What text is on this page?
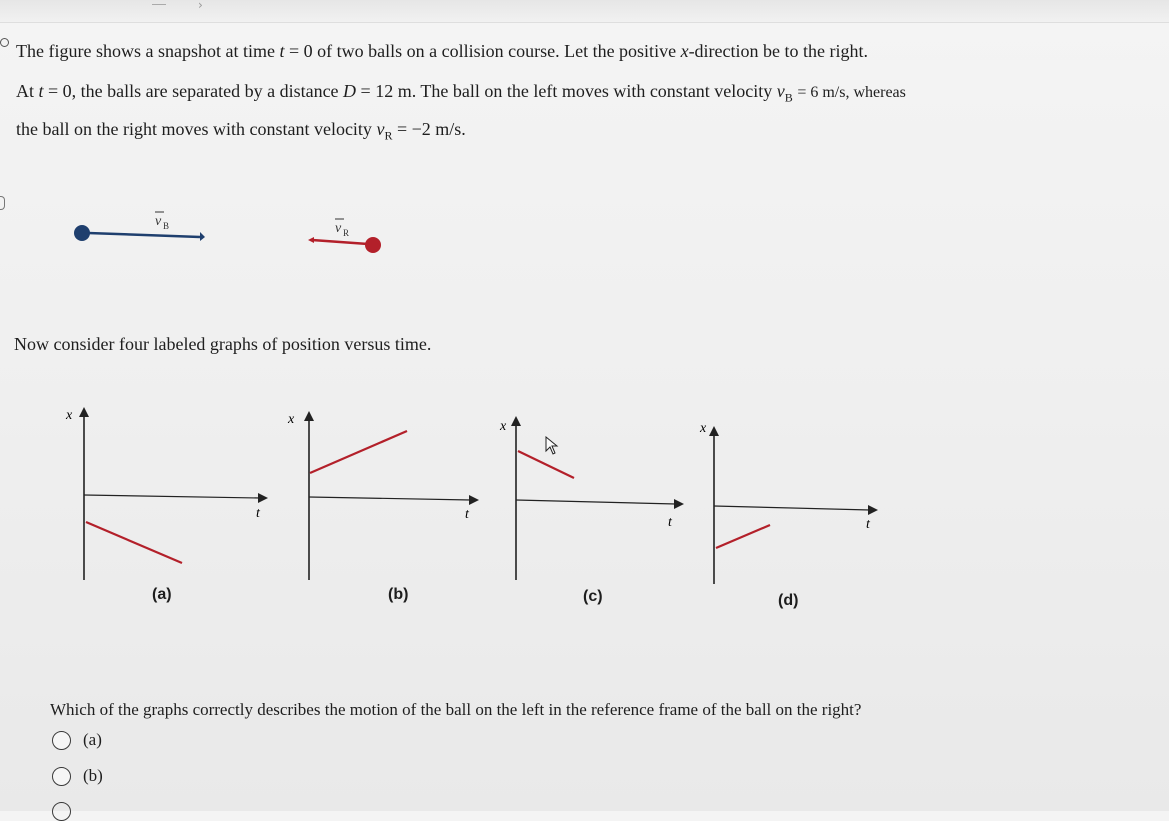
›
The figure shows a snapshot at time t = 0 of two balls on a collision course. Let the positive x-direction be to the right.
At t = 0, the balls are separated by a distance D = 12 m. The ball on the left moves with constant velocity $v_B = 6$ m/s, whereas
the ball on the right moves with constant velocity $v_R = -2$ m/s.
v B	v R
Now consider four labeled graphs of position versus time.
x
t
(a)
x
t
(b)
x
t
(c)
x
t
(d)
Which of the graphs correctly describes the motion of the ball on the left in the reference frame of the ball on the right?
(a)
(b)
